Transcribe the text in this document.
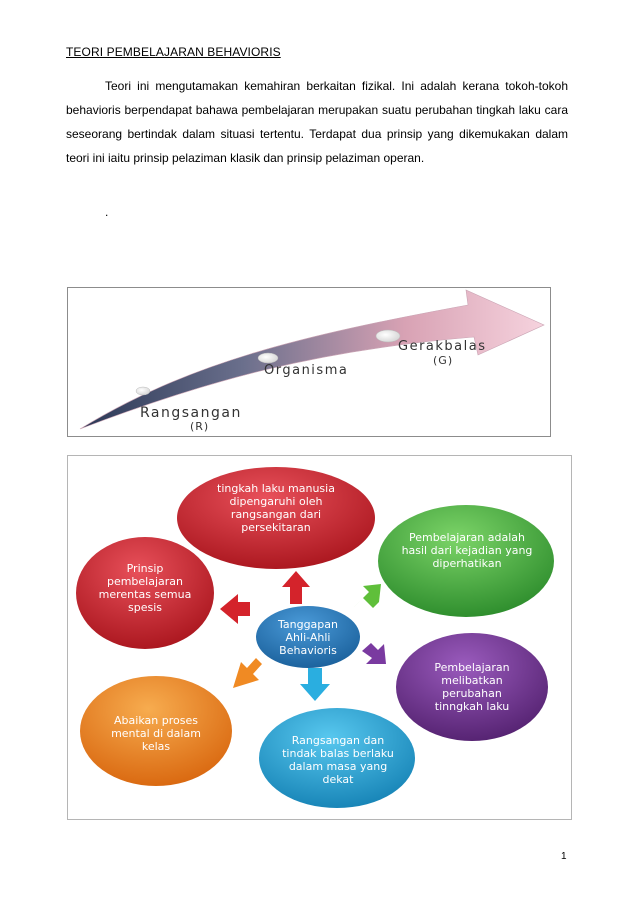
TEORI PEMBELAJARAN BEHAVIORIS

Teori ini mengutamakan kemahiran berkaitan fizikal. Ini adalah kerana tokoh-tokoh behavioris berpendapat bahawa pembelajaran merupakan suatu perubahan tingkah laku cara seseorang bertindak dalam situasi tertentu. Terdapat dua prinsip yang dikemukakan dalam teori ini iaitu prinsip pelaziman klasik dan prinsip pelaziman operan.

.
Rangsangan
(R)
Organisma
Gerakbalas
(G)
tingkah laku manusia dipengaruhi oleh rangsangan dari persekitaran
Pembelajaran adalah hasil dari kejadian yang diperhatikan
Pembelajaran melibatkan perubahan tinngkah laku
Rangsangan dan tindak balas berlaku dalam masa yang dekat
Abaikan proses mental di dalam kelas
Prinsip pembelajaran merentas semua spesis
Tanggapan Ahli-Ahli Behavioris
1
